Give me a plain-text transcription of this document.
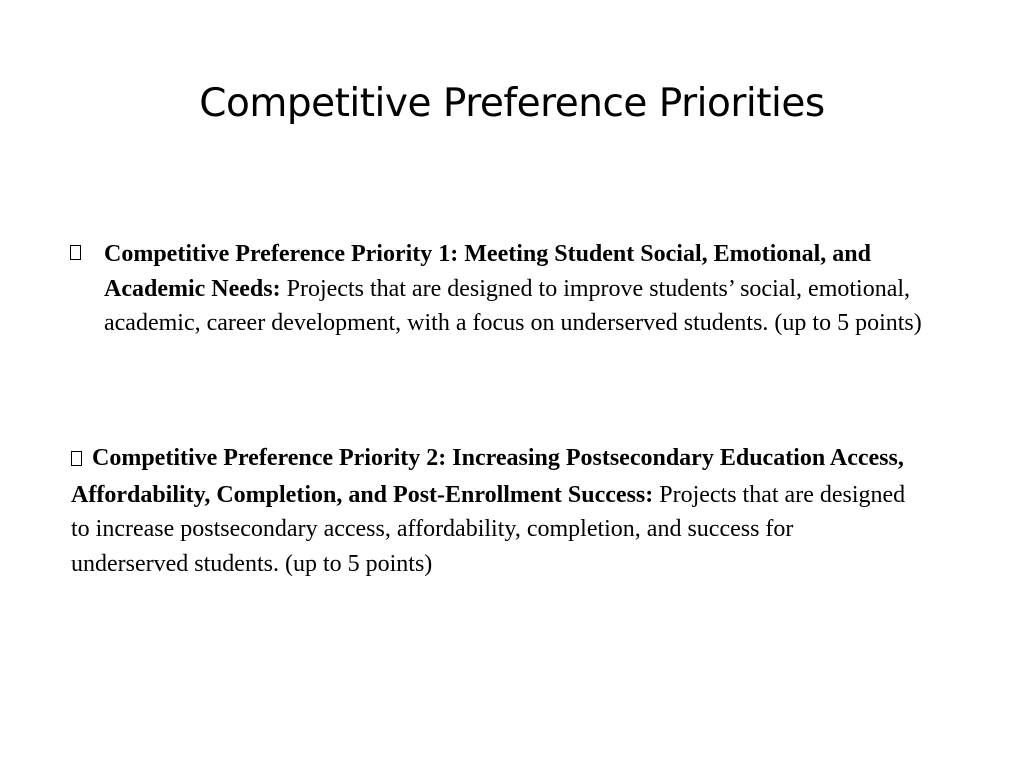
Competitive Preference Priorities

Competitive Preference Priority 1: Meeting Student Social, Emotional, and Academic Needs: Projects that are designed to improve students’ social, emotional, academic, career development, with a focus on underserved students. (up to 5 points)

Competitive Preference Priority 2: Increasing Postsecondary Education Access, Affordability, Completion, and Post-Enrollment Success: Projects that are designed to increase postsecondary access, affordability, completion, and success for underserved students. (up to 5 points)
